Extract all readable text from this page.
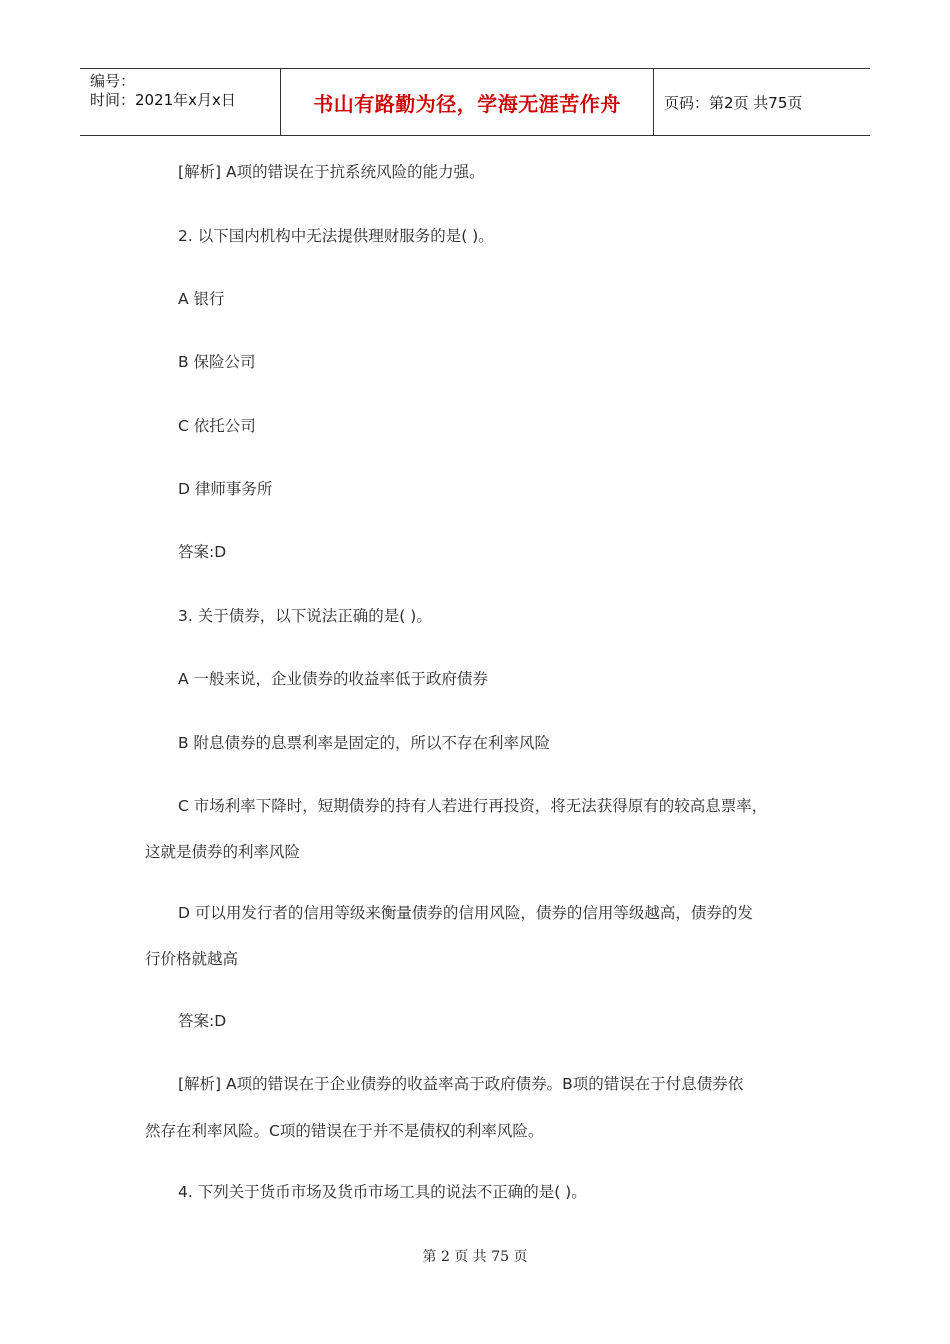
编号：
时间：2021年x月x日	书山有路勤为径，学海无涯苦作舟	页码：第2页 共75页
[解析] A项的错误在于抗系统风险的能力强。
2. 以下国内机构中无法提供理财服务的是( )。
A 银行
B 保险公司
C 依托公司
D 律师事务所
答案:D
3. 关于债券，以下说法正确的是( )。
A 一般来说，企业债券的收益率低于政府债券
B 附息债券的息票利率是固定的，所以不存在利率风险
C 市场利率下降时，短期债券的持有人若进行再投资，将无法获得原有的较高息票率，
这就是债券的利率风险
D 可以用发行者的信用等级来衡量债券的信用风险，债券的信用等级越高，债券的发
行价格就越高
答案:D
[解析] A项的错误在于企业债券的收益率高于政府债券。B项的错误在于付息债券依
然存在利率风险。C项的错误在于并不是债权的利率风险。
4. 下列关于货币市场及货币市场工具的说法不正确的是( )。
第 2 页 共 75 页
